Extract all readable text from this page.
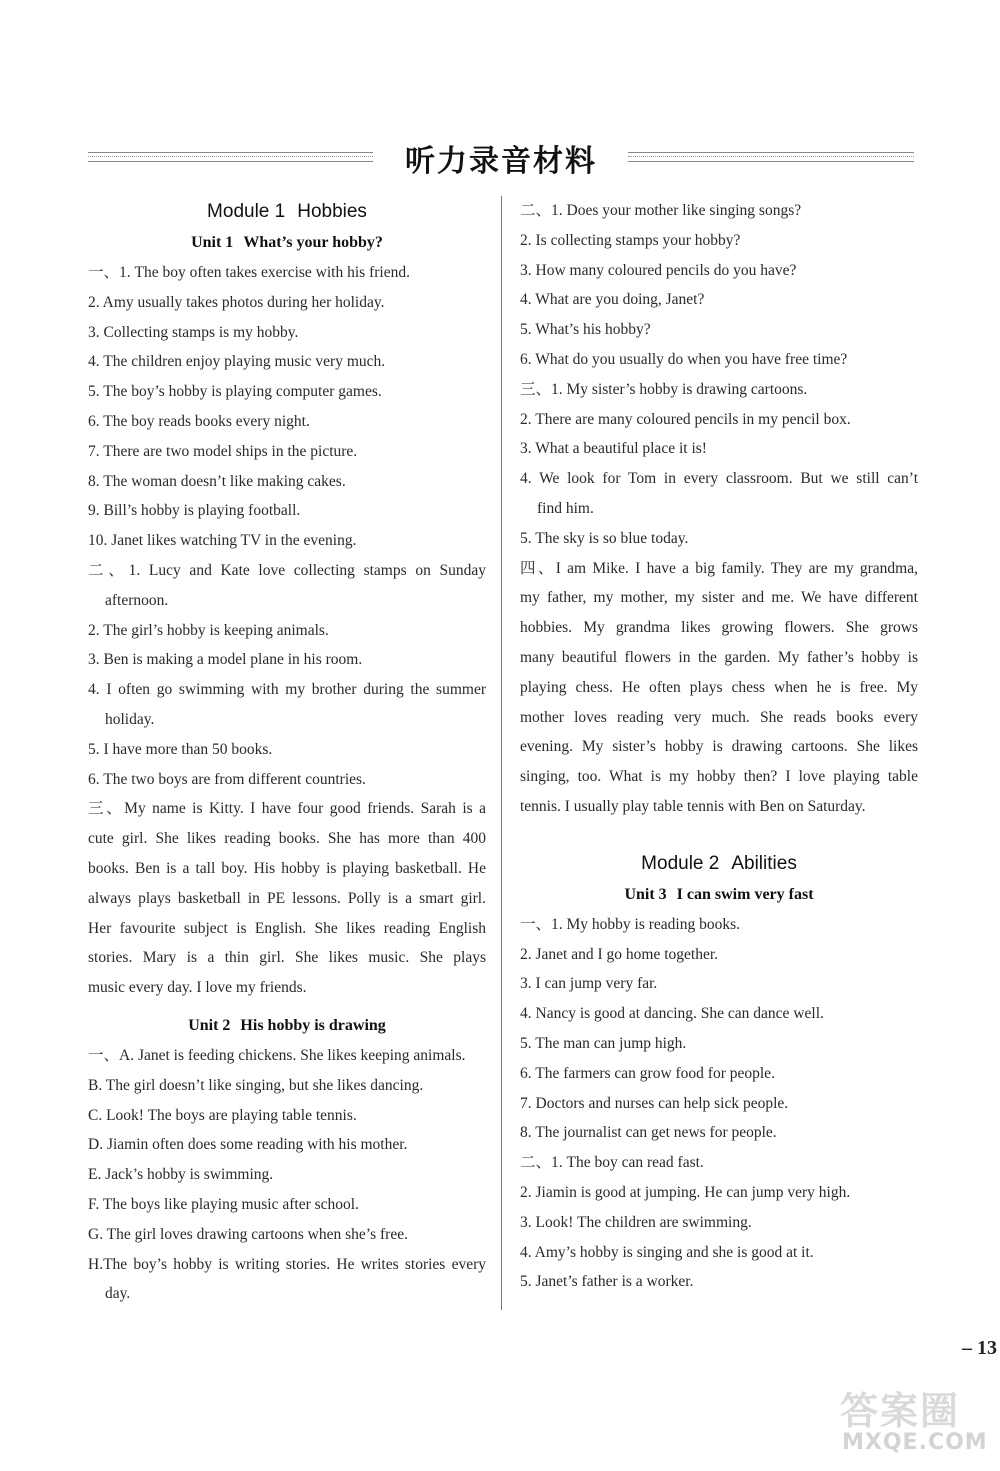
听力录音材料
Module 1 Hobbies
Unit 1 What’s your hobby?
一、1. The boy often takes exercise with his friend.
2. Amy usually takes photos during her holiday.
3. Collecting stamps is my hobby.
4. The children enjoy playing music very much.
5. The boy’s hobby is playing computer games.
6. The boy reads books every night.
7. There are two model ships in the picture.
8. The woman doesn’t like making cakes.
9. Bill’s hobby is playing football.
10. Janet likes watching TV in the evening.
二、1. Lucy and Kate love collecting stamps on Sunday
afternoon.
2. The girl’s hobby is keeping animals.
3. Ben is making a model plane in his room.
4. I often go swimming with my brother during the summer
holiday.
5. I have more than 50 books.
6. The two boys are from different countries.
三、My name is Kitty. I have four good friends. Sarah is a
cute girl. She likes reading books. She has more than 400
books. Ben is a tall boy. His hobby is playing basketball. He
always plays basketball in PE lessons. Polly is a smart girl.
Her favourite subject is English. She likes reading English
stories. Mary is a thin girl. She likes music. She plays
music every day. I love my friends.
Unit 2 His hobby is drawing
一、A. Janet is feeding chickens. She likes keeping animals.
B. The girl doesn’t like singing, but she likes dancing.
C. Look! The boys are playing table tennis.
D. Jiamin often does some reading with his mother.
E. Jack’s hobby is swimming.
F. The boys like playing music after school.
G. The girl loves drawing cartoons when she’s free.
H.The boy’s hobby is writing stories. He writes stories every
day.
二、1. Does your mother like singing songs?
2. Is collecting stamps your hobby?
3. How many coloured pencils do you have?
4. What are you doing, Janet?
5. What’s his hobby?
6. What do you usually do when you have free time?
三、1. My sister’s hobby is drawing cartoons.
2. There are many coloured pencils in my pencil box.
3. What a beautiful place it is!
4. We look for Tom in every classroom. But we still can’t
find him.
5. The sky is so blue today.
四、I am Mike. I have a big family. They are my grandma,
my father, my mother, my sister and me. We have different
hobbies. My grandma likes growing flowers. She grows
many beautiful flowers in the garden. My father’s hobby is
playing chess. He often plays chess when he is free. My
mother loves reading very much. She reads books every
evening. My sister’s hobby is drawing cartoons. She likes
singing, too. What is my hobby then? I love playing table
tennis. I usually play table tennis with Ben on Saturday.
Module 2 Abilities
Unit 3 I can swim very fast
一、1. My hobby is reading books.
2. Janet and I go home together.
3. I can jump very far.
4. Nancy is good at dancing. She can dance well.
5. The man can jump high.
6. The farmers can grow food for people.
7. Doctors and nurses can help sick people.
8. The journalist can get news for people.
二、1. The boy can read fast.
2. Jiamin is good at jumping. He can jump very high.
3. Look! The children are swimming.
4. Amy’s hobby is singing and she is good at it.
5. Janet’s father is a worker.
– 13
答案圈
MXQE.COM
